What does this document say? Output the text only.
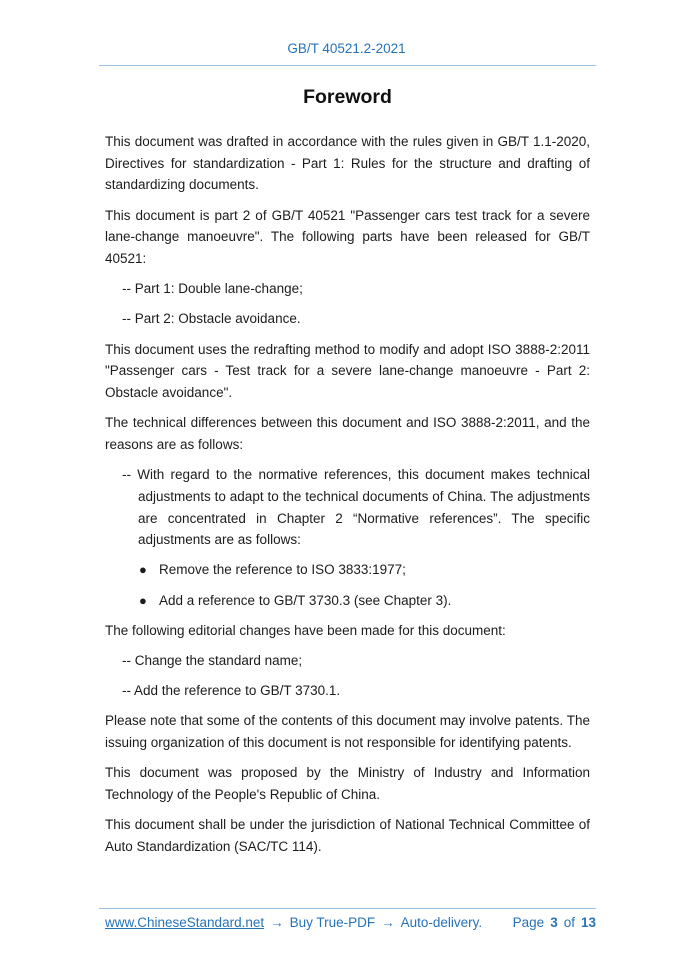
GB/T 40521.2-2021
Foreword

This document was drafted in accordance with the rules given in GB/T 1.1-2020, Directives for standardization - Part 1: Rules for the structure and drafting of standardizing documents.

This document is part 2 of GB/T 40521 "Passenger cars test track for a severe lane-change manoeuvre". The following parts have been released for GB/T 40521:

-- Part 1: Double lane-change;

-- Part 2: Obstacle avoidance.

This document uses the redrafting method to modify and adopt ISO 3888-2:2011 "Passenger cars - Test track for a severe lane-change manoeuvre - Part 2: Obstacle avoidance".

The technical differences between this document and ISO 3888-2:2011, and the reasons are as follows:

-- With regard to the normative references, this document makes technical adjustments to adapt to the technical documents of China. The adjustments are concentrated in Chapter 2 “Normative references”. The specific adjustments are as follows:

● Remove the reference to ISO 3833:1977;

● Add a reference to GB/T 3730.3 (see Chapter 3).

The following editorial changes have been made for this document:

-- Change the standard name;

-- Add the reference to GB/T 3730.1.

Please note that some of the contents of this document may involve patents. The issuing organization of this document is not responsible for identifying patents.

This document was proposed by the Ministry of Industry and Information Technology of the People's Republic of China.

This document shall be under the jurisdiction of National Technical Committee of Auto Standardization (SAC/TC 114).

www.ChineseStandard.net → Buy True-PDF → Auto-delivery. Page 3 of 13
